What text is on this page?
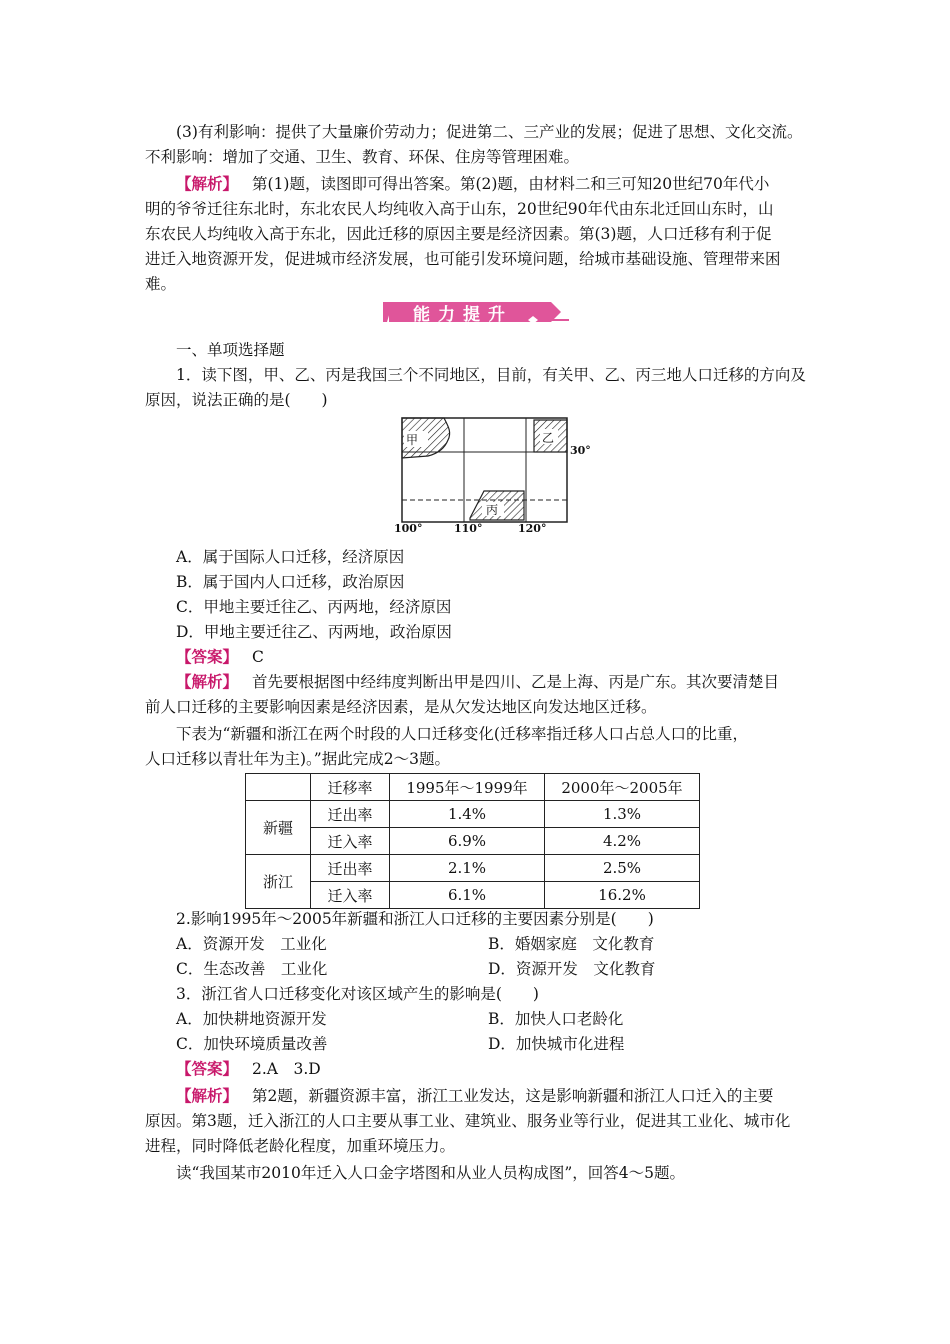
(3)有利影响：提供了大量廉价劳动力；促进第二、三产业的发展；促进了思想、文化交流。
不利影响：增加了交通、卫生、教育、环保、住房等管理困难。
【解析】 第(1)题，读图即可得出答案。第(2)题，由材料二和三可知20世纪70年代小
明的爷爷迁往东北时，东北农民人均纯收入高于山东，20世纪90年代由东北迁回山东时，山
东农民人均纯收入高于东北，因此迁移的原因主要是经济因素。第(3)题，人口迁移有利于促
进迁入地资源开发，促进城市经济发展，也可能引发环境问题，给城市基础设施、管理带来困
难。
能力提升
一、单项选择题
1．读下图，甲、乙、丙是我国三个不同地区，目前，有关甲、乙、丙三地人口迁移的方向及
原因，说法正确的是(　　)
甲	乙
丙
30°
100°	110°	120°
A．属于国际人口迁移，经济原因
B．属于国内人口迁移，政治原因
C．甲地主要迁往乙、丙两地，经济原因
D．甲地主要迁往乙、丙两地，政治原因
【答案】 C
【解析】 首先要根据图中经纬度判断出甲是四川、乙是上海、丙是广东。其次要清楚目
前人口迁移的主要影响因素是经济因素，是从欠发达地区向发达地区迁移。
下表为“新疆和浙江在两个时段的人口迁移变化(迁移率指迁移人口占总人口的比重，
人口迁移以青壮年为主)。”据此完成2～3题。
	迁移率	1995年～1999年	2000年～2005年
新疆	迁出率	1.4%	1.3%
	迁入率	6.9%	4.2%
浙江	迁出率	2.1%	2.5%
	迁入率	6.1%	16.2%
2.影响1995年～2005年新疆和浙江人口迁移的主要因素分别是(　　)
A．资源开发　工业化	B．婚姻家庭　文化教育
C．生态改善　工业化	D．资源开发　文化教育
3．浙江省人口迁移变化对该区域产生的影响是(　　)
A．加快耕地资源开发	B．加快人口老龄化
C．加快环境质量改善	D．加快城市化进程
【答案】 2.A　3.D
【解析】 第2题，新疆资源丰富，浙江工业发达，这是影响新疆和浙江人口迁入的主要
原因。第3题，迁入浙江的人口主要从事工业、建筑业、服务业等行业，促进其工业化、城市化
进程，同时降低老龄化程度，加重环境压力。
读“我国某市2010年迁入人口金字塔图和从业人员构成图”，回答4～5题。
